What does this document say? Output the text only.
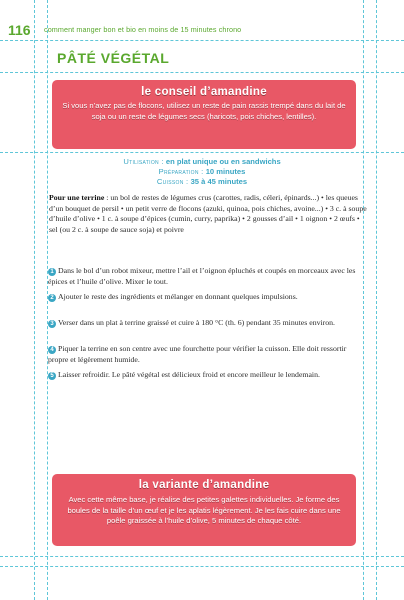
116 comment manger bon et bio en moins de 15 minutes chrono
PÂTÉ VÉGÉTAL
le conseil d’amandine
Si vous n’avez pas de flocons, utilisez un reste de pain rassis trempé dans du lait de soja ou un reste de légumes secs (haricots, pois chiches, lentilles).
Utilisation : en plat unique ou en sandwichs
Préparation : 10 minutes
Cuisson : 35 à 45 minutes
Pour une terrine : un bol de restes de légumes crus (carottes, radis, céleri, épinards...) • les queues d’un bouquet de persil • un petit verre de flocons (azuki, quinoa, pois chiches, avoine...) • 3 c. à soupe d’huile d’olive • 1 c. à soupe d’épices (cumin, curry, paprika) • 2 gousses d’ail • 1 oignon • 2 œufs • sel (ou 2 c. à soupe de sauce soja) et poivre
1 Dans le bol d’un robot mixeur, mettre l’ail et l’oignon épluchés et coupés en morceaux avec les épices et l’huile d’olive. Mixer le tout.
2 Ajouter le reste des ingrédients et mélanger en donnant quelques impulsions.
3 Verser dans un plat à terrine graissé et cuire à 180 °C (th. 6) pendant 35 minutes environ.
4 Piquer la terrine en son centre avec une fourchette pour vérifier la cuisson. Elle doit ressortir propre et légèrement humide.
5 Laisser refroidir. Le pâté végétal est délicieux froid et encore meilleur le lendemain.
la variante d’amandine
Avec cette même base, je réalise des petites galettes individuelles. Je forme des boules de la taille d’un œuf et je les aplatis légèrement. Je les fais cuire dans une poêle graissée à l’huile d’olive, 5 minutes de chaque côté.
